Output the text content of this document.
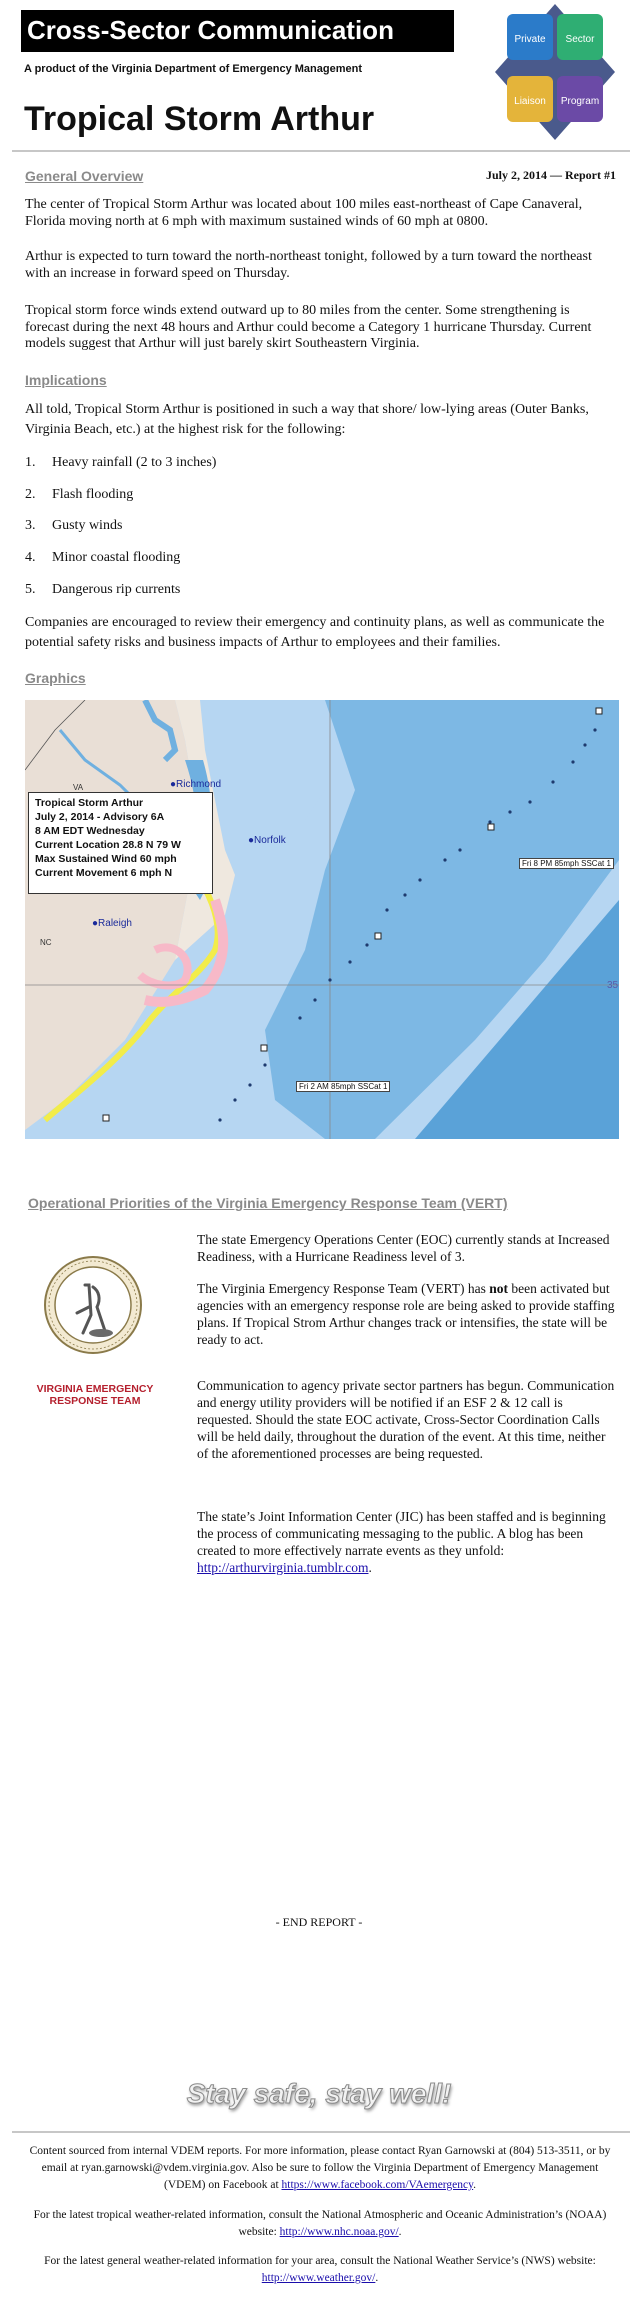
Cross-Sector Communication
A product of the Virginia Department of Emergency Management
Tropical Storm Arthur
Private Sector
Liaison Program
General Overview	July 2, 2014 — Report #1
The center of Tropical Storm Arthur was located about 100 miles east-northeast of Cape Canaveral, Florida moving north at 6 mph with maximum sustained winds of 60 mph at 0800.
Arthur is expected to turn toward the north-northeast tonight, followed by a turn toward the northeast with an increase in forward speed on Thursday.
Tropical storm force winds extend outward up to 80 miles from the center. Some strengthening is forecast during the next 48 hours and Arthur could become a Category 1 hurricane Thursday. Current models suggest that Arthur will just barely skirt Southeastern Virginia.
Implications
All told, Tropical Storm Arthur is positioned in such a way that shore/ low-lying areas (Outer Banks, Virginia Beach, etc.) at the highest risk for the following:
1. Heavy rainfall (2 to 3 inches)
2. Flash flooding
3. Gusty winds
4. Minor coastal flooding
5. Dangerous rip currents
Companies are encouraged to review their emergency and continuity plans, as well as communicate the potential safety risks and business impacts of Arthur to employees and their families.
Graphics
VA
NC
35
Tropical Storm Arthur
July 2, 2014 - Advisory 6A
8 AM EDT Wednesday
Current Location 28.8 N 79 W
Max Sustained Wind 60 mph
Current Movement 6 mph N
●Richmond
●Norfolk
●Raleigh
Fri 8 PM 85mph SSCat 1
Fri 2 AM 85mph SSCat 1
Operational Priorities of the Virginia Emergency Response Team (VERT)
VIRGINIA EMERGENCY RESPONSE TEAM
The state Emergency Operations Center (EOC) currently stands at Increased Readiness, with a Hurricane Readiness level of 3.
The Virginia Emergency Response Team (VERT) has not been activated but agencies with an emergency response role are being asked to provide staffing plans. If Tropical Strom Arthur changes track or intensifies, the state will be ready to act.
Communication to agency private sector partners has begun. Communication and energy utility providers will be notified if an ESF 2 & 12 call is requested. Should the state EOC activate, Cross-Sector Coordination Calls will be held daily, throughout the duration of the event. At this time, neither of the aforementioned processes are being requested.
The state’s Joint Information Center (JIC) has been staffed and is beginning the process of communicating messaging to the public. A blog has been created to more effectively narrate events as they unfold: http://arthurvirginia.tumblr.com.
- END REPORT -
Stay safe, stay well!
Content sourced from internal VDEM reports. For more information, please contact Ryan Garnowski at (804) 513-3511, or by email at ryan.garnowski@vdem.virginia.gov. Also be sure to follow the Virginia Department of Emergency Management (VDEM) on Facebook at https://www.facebook.com/VAemergency.
For the latest tropical weather-related information, consult the National Atmospheric and Oceanic Administration’s (NOAA) website: http://www.nhc.noaa.gov/.
For the latest general weather-related information for your area, consult the National Weather Service’s (NWS) website: http://www.weather.gov/.
